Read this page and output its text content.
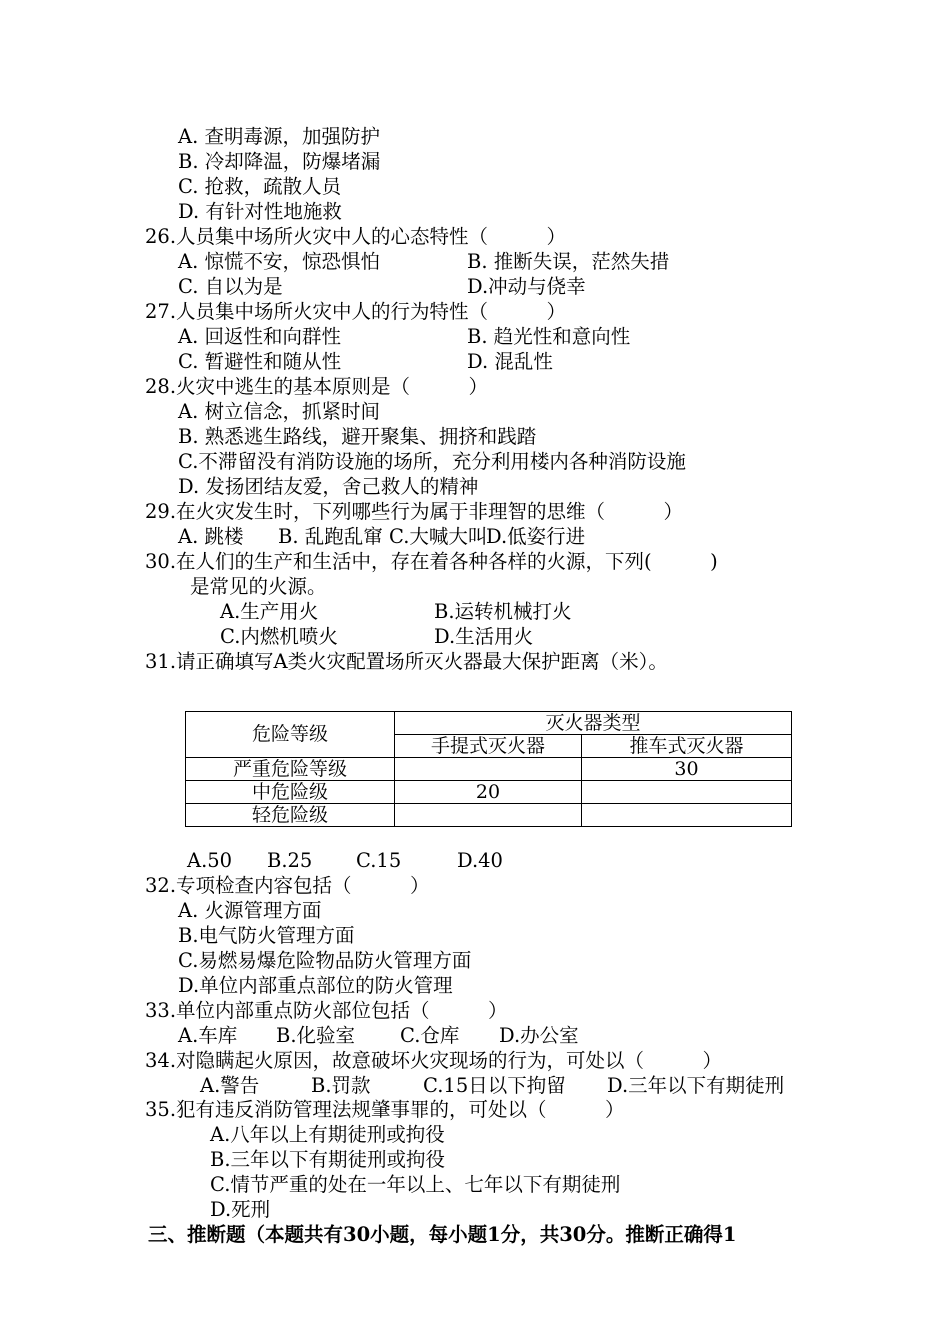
A. 查明毒源，加强防护
B. 冷却降温，防爆堵漏
C. 抢救，疏散人员
D. 有针对性地施救
26.人员集中场所火灾中人的心态特性（　　　）
A. 惊慌不安，惊恐惧怕	B. 推断失误，茫然失措
C. 自以为是	D.冲动与侥幸
27.人员集中场所火灾中人的行为特性（　　　）
A. 回返性和向群性	B. 趋光性和意向性
C. 暂避性和随从性	D. 混乱性
28.火灾中逃生的基本原则是（　　　）
A. 树立信念，抓紧时间
B. 熟悉逃生路线，避开聚集、拥挤和践踏
C.不滞留没有消防设施的场所，充分利用楼内各种消防设施
D. 发扬团结友爱，舍己救人的精神
29.在火灾发生时，下列哪些行为属于非理智的思维（　　　）
A. 跳楼 B. 乱跑乱窜 C.大喊大叫
D.低姿行进
30.在人们的生产和生活中，存在着各种各样的火源，下列(　　　)
是常见的火源。
A.生产用火	B.运转机械打火
C.内燃机喷火	D.生活用火
31.请正确填写A类火灾配置场所灭火器最大保护距离（米）。
A.50 B.25 C.15	D.40
32.专项检查内容包括（　　　）
A. 火源管理方面
B.电气防火管理方面
C.易燃易爆危险物品防火管理方面
D.单位内部重点部位的防火管理
33.单位内部重点防火部位包括（　　　）
A.车库 B.化验室 C.仓库 D.办公室
34.对隐瞒起火原因，故意破坏火灾现场的行为，可处以（　　　）
A.警告	B.罚款	C.15日以下拘留 D.三年以下有期徒刑
35.犯有违反消防管理法规肇事罪的，可处以（　　　）
A.八年以上有期徒刑或拘役
B.三年以下有期徒刑或拘役
C.情节严重的处在一年以上、七年以下有期徒刑
D.死刑
三、推断题（本题共有30小题，每小题1分，共30分。推断正确得1
危险等级	灭火器类型	
	手提式灭火器	推车式灭火器
严重危险等级		30
中危险级	20	
轻危险级		
